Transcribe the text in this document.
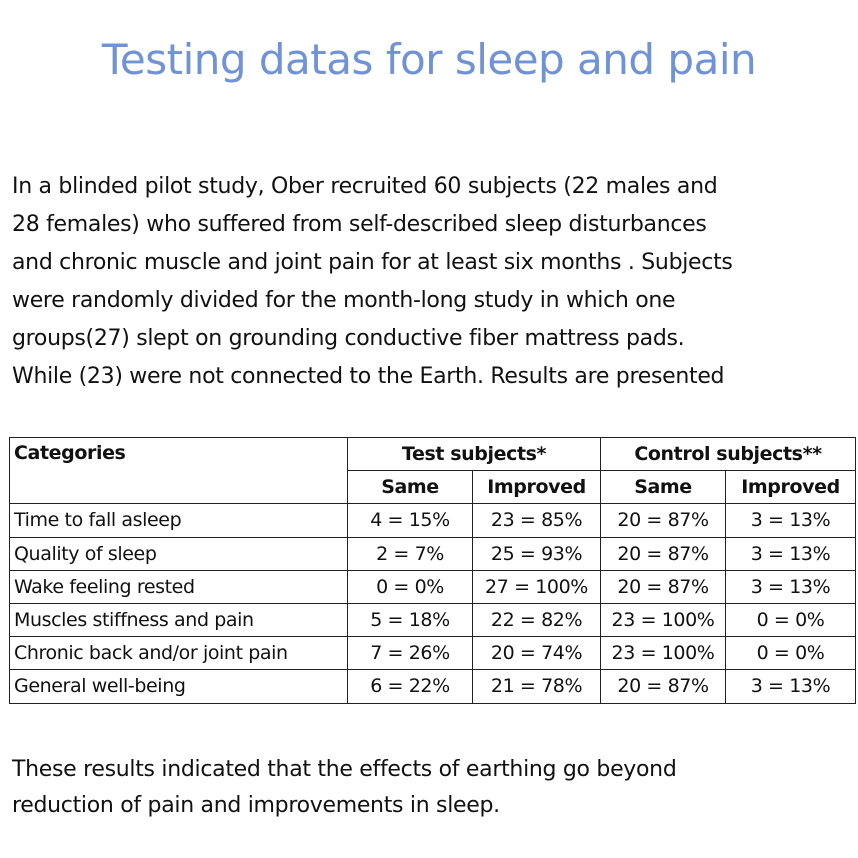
Testing datas for sleep and pain

In a blinded pilot study, Ober recruited 60 subjects (22 males and
28 females) who suffered from self-described sleep disturbances
and chronic muscle and joint pain for at least six months . Subjects
were randomly divided for the month-long study in which one
groups(27) slept on grounding conductive fiber mattress pads.
While (23) were not connected to the Earth. Results are presented

Categories	Test subjects*		Control subjects**	
	Same	Improved	Same	Improved
Time to fall asleep	4 = 15%	23 = 85%	20 = 87%	3 = 13%
Quality of sleep	2 = 7%	25 = 93%	20 = 87%	3 = 13%
Wake feeling rested	0 = 0%	27 = 100%	20 = 87%	3 = 13%
Muscles stiffness and pain	5 = 18%	22 = 82%	23 = 100%	0 = 0%
Chronic back and/or joint pain	7 = 26%	20 = 74%	23 = 100%	0 = 0%
General well-being	6 = 22%	21 = 78%	20 = 87%	3 = 13%

These results indicated that the effects of earthing go beyond
reduction of pain and improvements in sleep.
